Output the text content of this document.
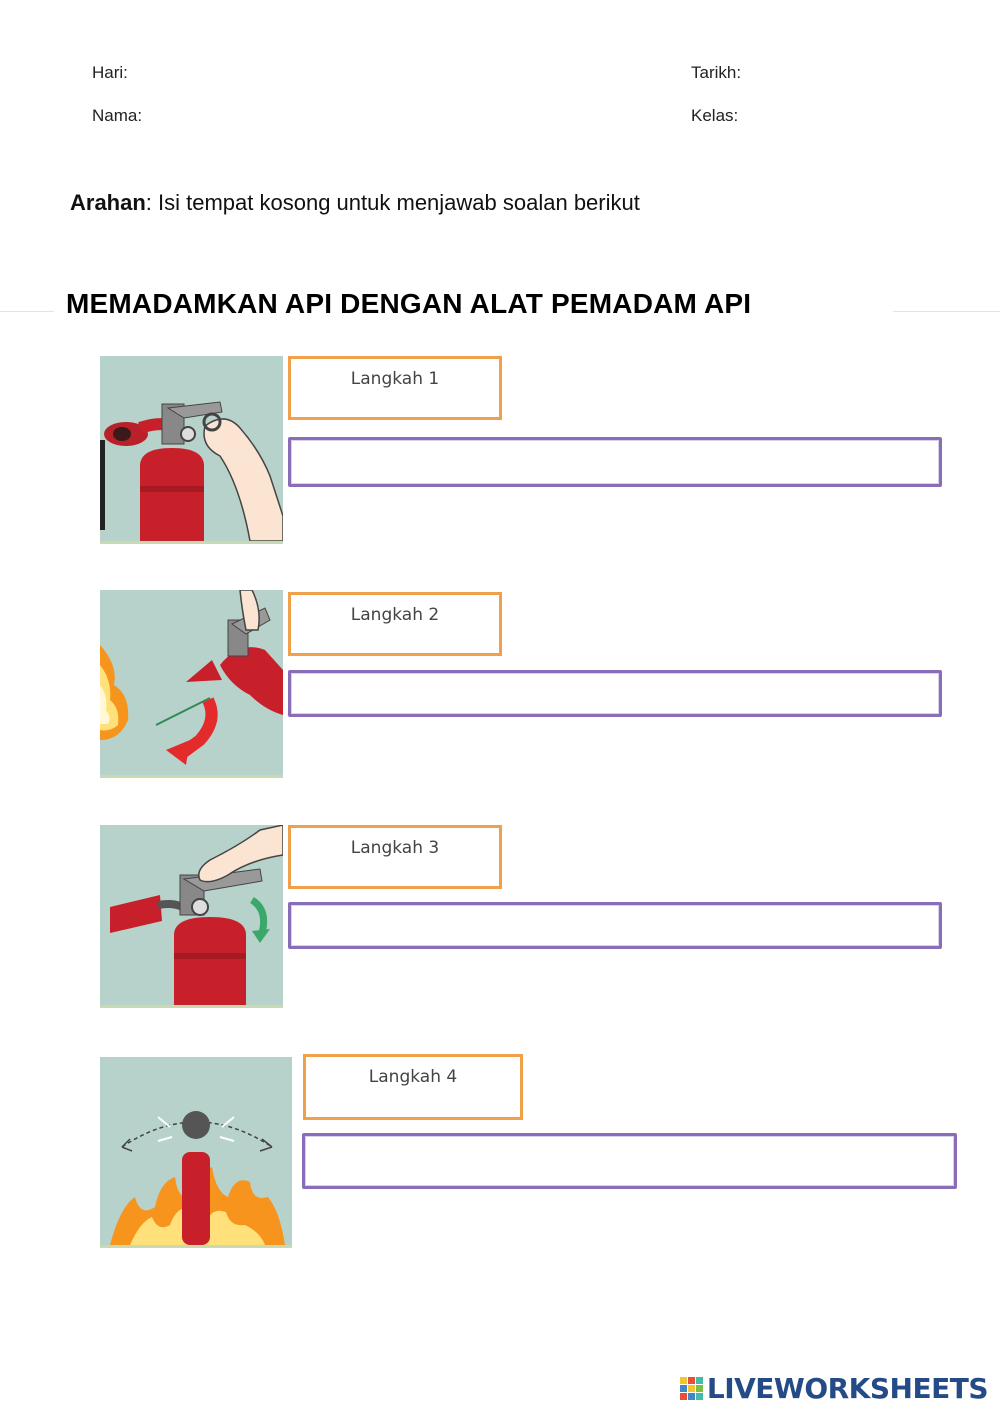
Hari:	Tarikh:
Nama:	Kelas:
Arahan: Isi tempat kosong untuk menjawab soalan berikut
MEMADAMKAN API DENGAN ALAT PEMADAM API
Langkah 1
Langkah 2
Langkah 3
Langkah 4
LIVEWORKSHEETS
